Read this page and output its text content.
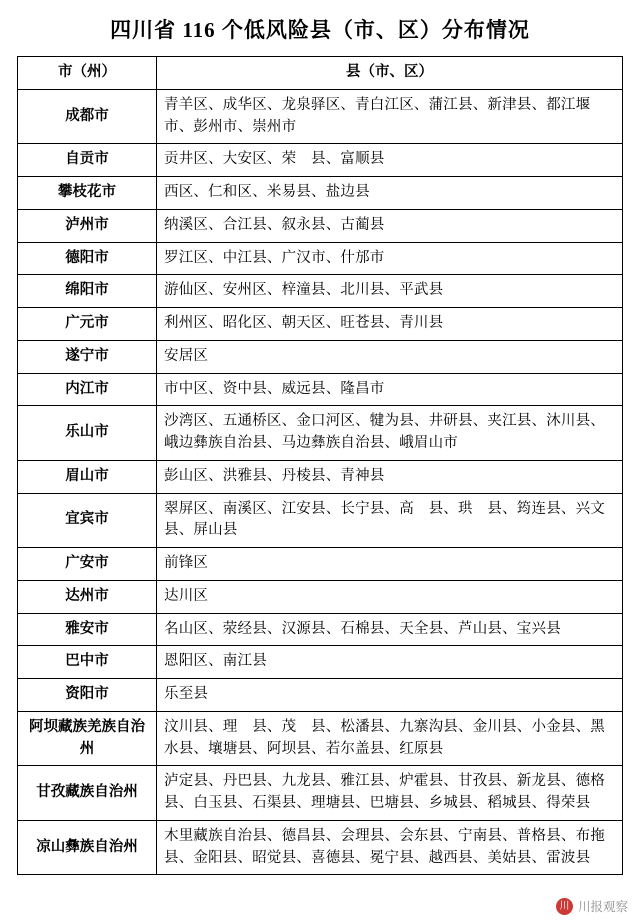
四川省 116 个低风险县（市、区）分布情况
市（州）	县（市、区）
成都市	青羊区、成华区、龙泉驿区、青白江区、蒲江县、新津县、都江堰市、彭州市、崇州市
自贡市	贡井区、大安区、荣　县、富顺县
攀枝花市	西区、仁和区、米易县、盐边县
泸州市	纳溪区、合江县、叙永县、古蔺县
德阳市	罗江区、中江县、广汉市、什邡市
绵阳市	游仙区、安州区、梓潼县、北川县、平武县
广元市	利州区、昭化区、朝天区、旺苍县、青川县
遂宁市	安居区
内江市	市中区、资中县、威远县、隆昌市
乐山市	沙湾区、五通桥区、金口河区、犍为县、井研县、夹江县、沐川县、峨边彝族自治县、马边彝族自治县、峨眉山市
眉山市	彭山区、洪雅县、丹棱县、青神县
宜宾市	翠屏区、南溪区、江安县、长宁县、高　县、珙　县、筠连县、兴文县、屏山县
广安市	前锋区
达州市	达川区
雅安市	名山区、荥经县、汉源县、石棉县、天全县、芦山县、宝兴县
巴中市	恩阳区、南江县
资阳市	乐至县
阿坝藏族羌族自治州	汶川县、理　县、茂　县、松潘县、九寨沟县、金川县、小金县、黑水县、壤塘县、阿坝县、若尔盖县、红原县
甘孜藏族自治州	泸定县、丹巴县、九龙县、雅江县、炉霍县、甘孜县、新龙县、德格县、白玉县、石渠县、理塘县、巴塘县、乡城县、稻城县、得荣县
凉山彝族自治州	木里藏族自治县、德昌县、会理县、会东县、宁南县、普格县、布拖县、金阳县、昭觉县、喜德县、冕宁县、越西县、美姑县、雷波县
川 川报观察
